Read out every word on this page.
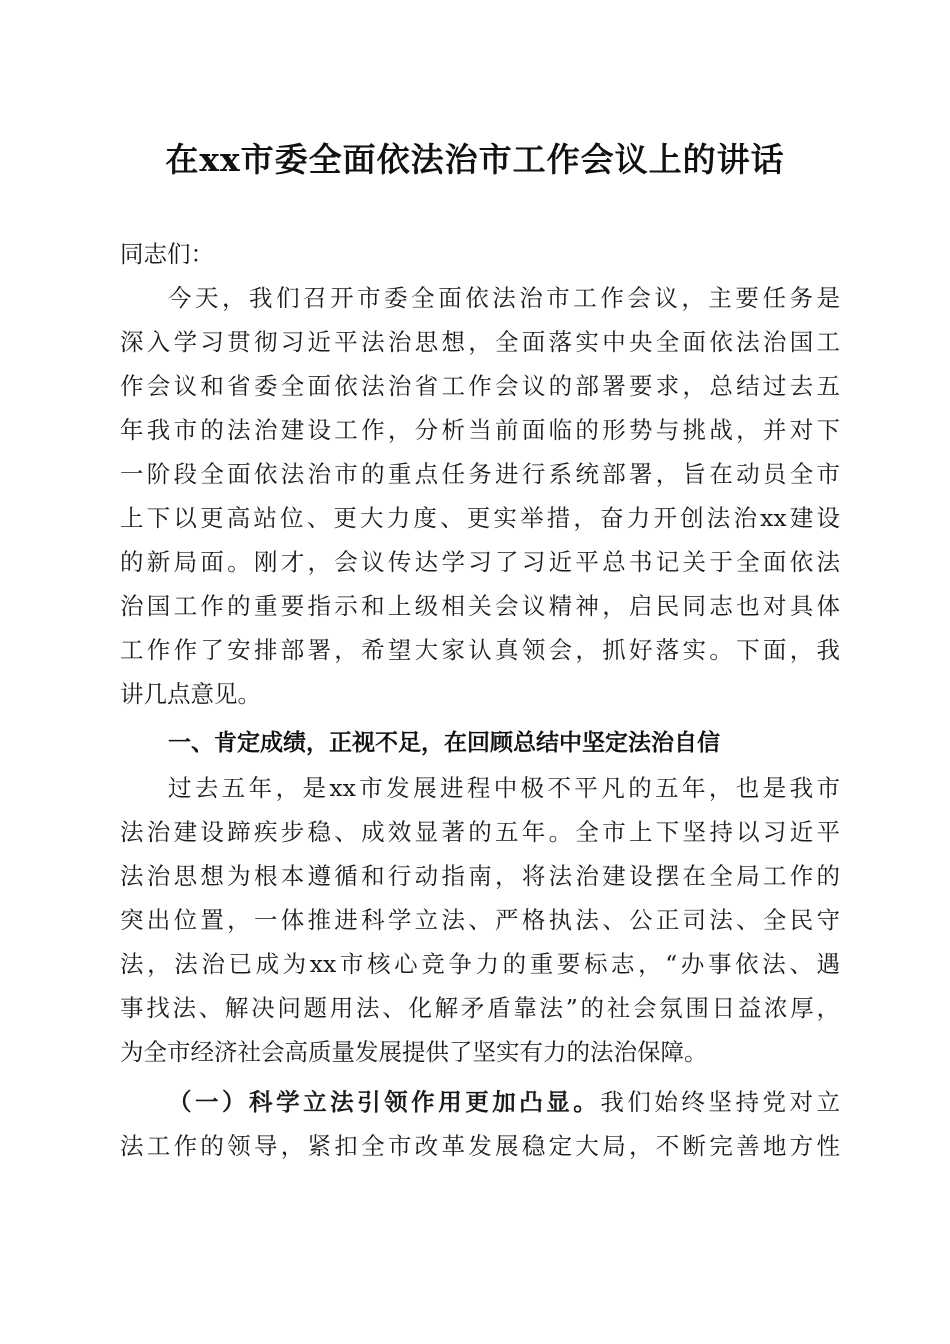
在xx市委全面依法治市工作会议上的讲话

同志们：

今天，我们召开市委全面依法治市工作会议，主要任务是

深入学习贯彻习近平法治思想，全面落实中央全面依法治国工

作会议和省委全面依法治省工作会议的部署要求，总结过去五

年我市的法治建设工作，分析当前面临的形势与挑战，并对下

一阶段全面依法治市的重点任务进行系统部署，旨在动员全市

上下以更高站位、更大力度、更实举措，奋力开创法治xx建设

的新局面。刚才，会议传达学习了习近平总书记关于全面依法

治国工作的重要指示和上级相关会议精神，启民同志也对具体

工作作了安排部署，希望大家认真领会，抓好落实。下面，我

讲几点意见。

一、肯定成绩，正视不足，在回顾总结中坚定法治自信

过去五年，是xx市发展进程中极不平凡的五年，也是我市

法治建设蹄疾步稳、成效显著的五年。全市上下坚持以习近平

法治思想为根本遵循和行动指南，将法治建设摆在全局工作的

突出位置，一体推进科学立法、严格执法、公正司法、全民守

法，法治已成为xx市核心竞争力的重要标志，“办事依法、遇

事找法、解决问题用法、化解矛盾靠法”的社会氛围日益浓厚，

为全市经济社会高质量发展提供了坚实有力的法治保障。

（一）科学立法引领作用更加凸显。我们始终坚持党对立

法工作的领导，紧扣全市改革发展稳定大局，不断完善地方性
